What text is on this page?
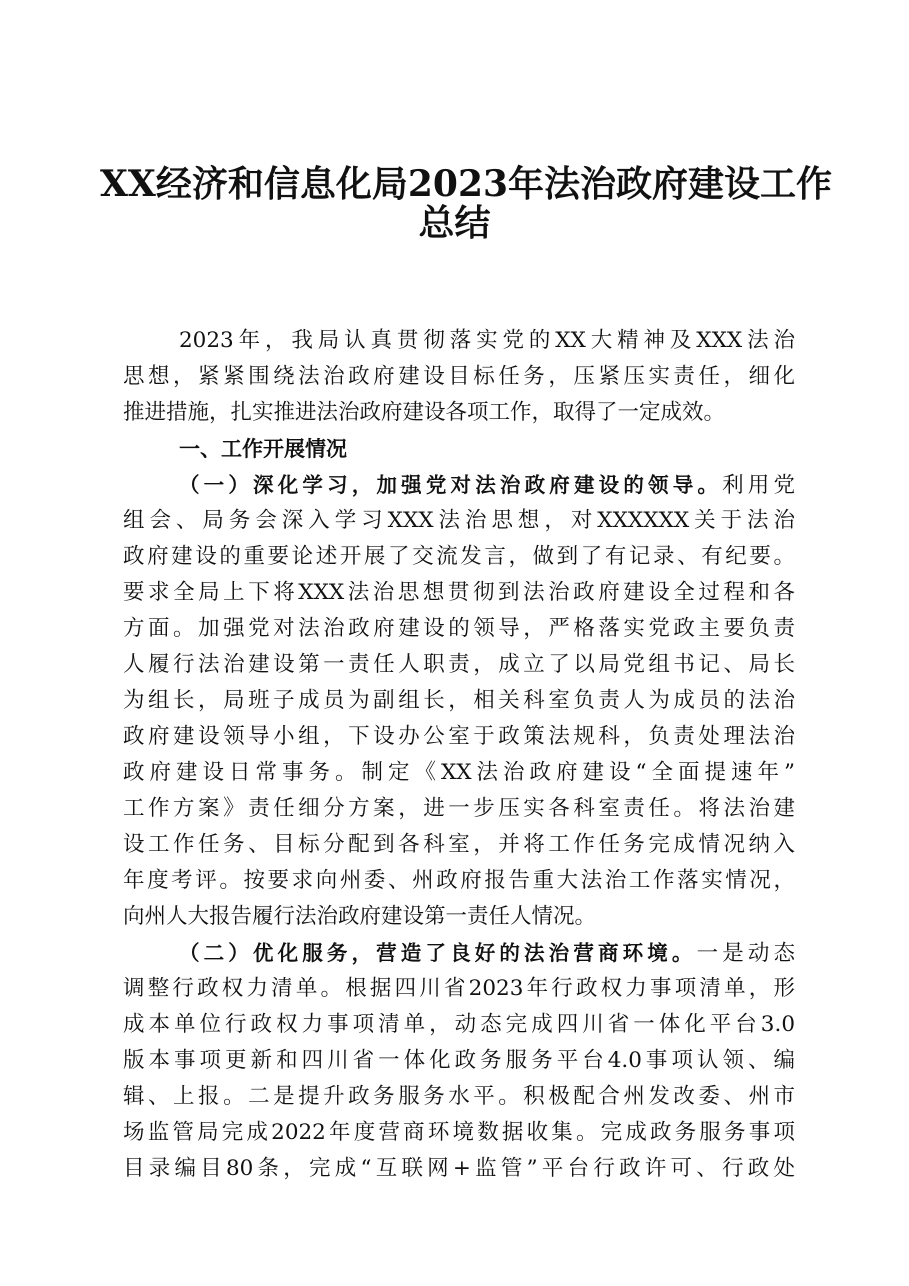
XX经济和信息化局2023年法治政府建设工作
总结
2023年，我局认真贯彻落实党的XX大精神及XXX法治
思想，紧紧围绕法治政府建设目标任务，压紧压实责任，细化
推进措施，扎实推进法治政府建设各项工作，取得了一定成效。
一、工作开展情况
（一）深化学习，加强党对法治政府建设的领导。利用党
组会、局务会深入学习XXX法治思想，对XXXXXX关于法治
政府建设的重要论述开展了交流发言，做到了有记录、有纪要。
要求全局上下将XXX法治思想贯彻到法治政府建设全过程和各
方面。加强党对法治政府建设的领导，严格落实党政主要负责
人履行法治建设第一责任人职责，成立了以局党组书记、局长
为组长，局班子成员为副组长，相关科室负责人为成员的法治
政府建设领导小组，下设办公室于政策法规科，负责处理法治
政府建设日常事务。制定《XX法治政府建设“全面提速年”
工作方案》责任细分方案，进一步压实各科室责任。将法治建
设工作任务、目标分配到各科室，并将工作任务完成情况纳入
年度考评。按要求向州委、州政府报告重大法治工作落实情况，
向州人大报告履行法治政府建设第一责任人情况。
（二）优化服务，营造了良好的法治营商环境。一是动态
调整行政权力清单。根据四川省2023年行政权力事项清单，形
成本单位行政权力事项清单，动态完成四川省一体化平台3.0
版本事项更新和四川省一体化政务服务平台4.0事项认领、编
辑、上报。二是提升政务服务水平。积极配合州发改委、州市
场监管局完成2022年度营商环境数据收集。完成政务服务事项
目录编目80条，完成“互联网+监管”平台行政许可、行政处
